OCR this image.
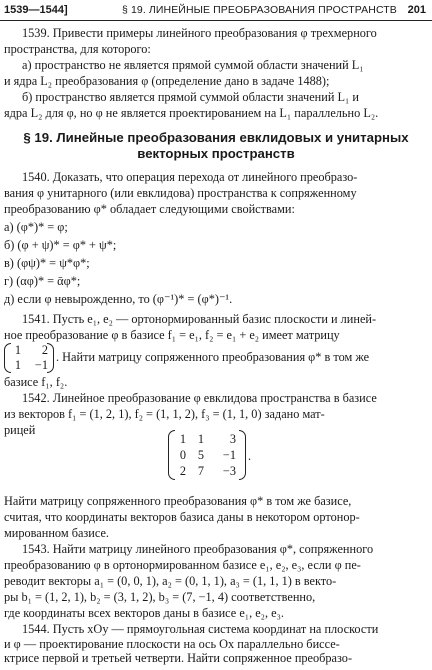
1539—1544]	§ 19. ЛИНЕЙНЫЕ ПРЕОБРАЗОВАНИЯ ПРОСТРАНСТВ 201
1539. Привести примеры линейного преобразования φ трехмерного
пространства, для которого:
а) пространство не является прямой суммой области значений L₁
и ядра L₂ преобразования φ (определение дано в задаче 1488);
б) пространство является прямой суммой области значений L₁ и
ядра L₂ для φ, но φ не является проектированием на L₁ параллельно L₂.
§ 19. Линейные преобразования евклидовых и унитарных
векторных пространств
1540. Доказать, что операция перехода от линейного преобразо-
вания φ унитарного (или евклидова) пространства к сопряженному
преобразованию φ* обладает следующими свойствами:
а) (φ*)* = φ;
б) (φ + ψ)* = φ* + ψ*;
в) (φψ)* = ψ*φ*;
г) (αφ)* = ᾱφ*;
д) если φ невырожденно, то (φ⁻¹)* = (φ*)⁻¹.
1541. Пусть e₁, e₂ — ортонормированный базис плоскости и линей-
ное преобразование φ в базисе f₁ = e₁, f₂ = e₁ + e₂ имеет матрицу
1	2
1	−1
. Найти матрицу сопряженного преобразования φ* в том же
базисе f₁, f₂.
1542. Линейное преобразование φ евклидова пространства в базисе
из векторов f₁ = (1, 2, 1), f₂ = (1, 1, 2), f₃ = (1, 1, 0) задано мат-
рицей
1 1	3
0 5	−1
2 7	−3
.
Найти матрицу сопряженного преобразования φ* в том же базисе,
считая, что координаты векторов базиса даны в некотором ортонор-
мированном базисе.
1543. Найти матрицу линейного преобразования φ*, сопряженного
преобразованию φ в ортонормированном базисе e₁, e₂, e₃, если φ пе-
реводит векторы a₁ = (0, 0, 1), a₂ = (0, 1, 1), a₃ = (1, 1, 1) в векто-
ры b₁ = (1, 2, 1), b₂ = (3, 1, 2), b₃ = (7, −1, 4) соответственно,
где координаты всех векторов даны в базисе e₁, e₂, e₃.
1544. Пусть xOy — прямоугольная система координат на плоскости
и φ — проектирование плоскости на ось Ox параллельно биссе-
ктрисе первой и третьей четверти. Найти сопряженное преобразо-
